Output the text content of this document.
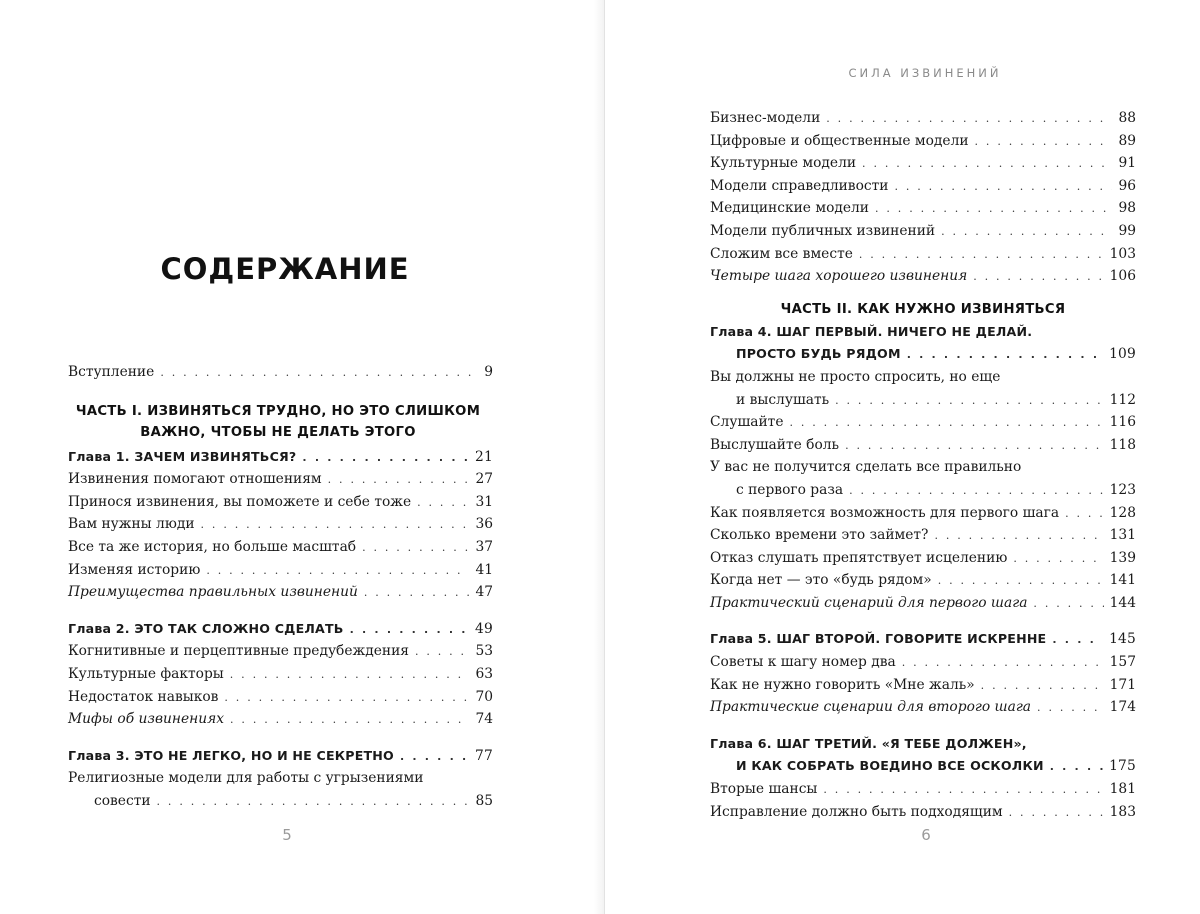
СОДЕРЖАНИЕ
СИЛА ИЗВИНЕНИЙ
Вступление . . .	9
ЧАСТЬ I. ИЗВИНЯТЬСЯ ТРУДНО, НО ЭТО СЛИШКОМ
ВАЖНО, ЧТОБЫ НЕ ДЕЛАТЬ ЭТОГО
Глава 1. ЗАЧЕМ ИЗВИНЯТЬСЯ? . . .	21
Извинения помогают отношениям . . .	27
Принося извинения, вы поможете и себе тоже . . .	31
Вам нужны люди . . .	36
Все та же история, но больше масштаб . . .	37
Изменяя историю . . .	41
Преимущества правильных извинений . . .	47
Глава 2. ЭТО ТАК СЛОЖНО СДЕЛАТЬ . . .	49
Когнитивные и перцептивные предубеждения . . .	53
Культурные факторы . . .	63
Недостаток навыков . . .	70
Мифы об извинениях . . .	74
Глава 3. ЭТО НЕ ЛЕГКО, НО И НЕ СЕКРЕТНО . . .	77
Религиозные модели для работы с угрызениями
совести . . .	85
Бизнес-модели . . .	88
Цифровые и общественные модели . . .	89
Культурные модели . . .	91
Модели справедливости . . .	96
Медицинские модели . . .	98
Модели публичных извинений . . .	99
Сложим все вместе . . .	103
Четыре шага хорошего извинения . . .	106
ЧАСТЬ II. КАК НУЖНО ИЗВИНЯТЬСЯ
Глава 4. ШАГ ПЕРВЫЙ. НИЧЕГО НЕ ДЕЛАЙ.
ПРОСТО БУДЬ РЯДОМ . . .	109
Вы должны не просто спросить, но еще
и выслушать . . .	112
Слушайте . . .	116
Выслушайте боль . . .	118
У вас не получится сделать все правильно
с первого раза . . .	123
Как появляется возможность для первого шага . . .	128
Сколько времени это займет? . . .	131
Отказ слушать препятствует исцелению . . .	139
Когда нет — это «будь рядом» . . .	141
Практический сценарий для первого шага . . .	144
Глава 5. ШАГ ВТОРОЙ. ГОВОРИТЕ ИСКРЕННЕ . . .	145
Советы к шагу номер два . . .	157
Как не нужно говорить «Мне жаль» . . .	171
Практические сценарии для второго шага . . .	174
Глава 6. ШАГ ТРЕТИЙ. «Я ТЕБЕ ДОЛЖЕН»,
И КАК СОБРАТЬ ВОЕДИНО ВСЕ ОСКОЛКИ . . .	175
Вторые шансы . . .	181
Исправление должно быть подходящим . . .	183
5	6
